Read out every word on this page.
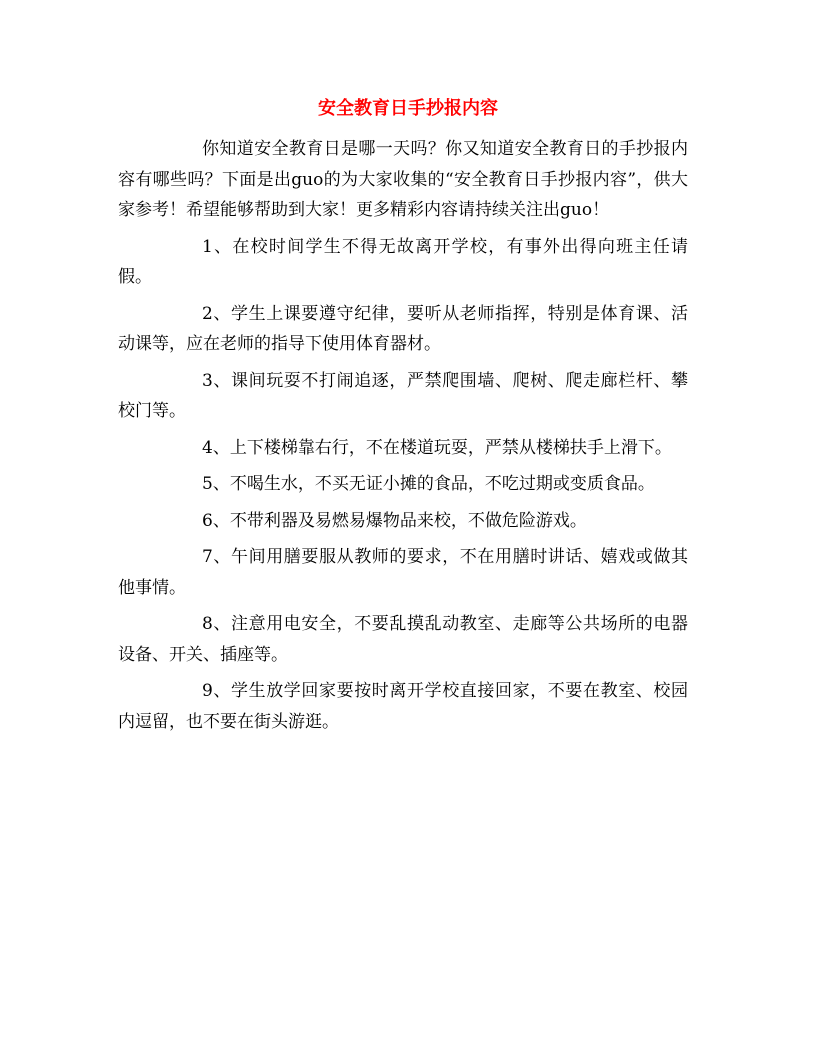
安全教育日手抄报内容

你知道安全教育日是哪一天吗？你又知道安全教育日的手抄报内容有哪些吗？下面是出guo的为大家收集的“安全教育日手抄报内容”，供大家参考！希望能够帮助到大家！更多精彩内容请持续关注出guo！

1、在校时间学生不得无故离开学校，有事外出得向班主任请假。

2、学生上课要遵守纪律，要听从老师指挥，特别是体育课、活动课等，应在老师的指导下使用体育器材。

3、课间玩耍不打闹追逐，严禁爬围墙、爬树、爬走廊栏杆、攀校门等。

4、上下楼梯靠右行，不在楼道玩耍，严禁从楼梯扶手上滑下。

5、不喝生水，不买无证小摊的食品，不吃过期或变质食品。

6、不带利器及易燃易爆物品来校，不做危险游戏。

7、午间用膳要服从教师的要求，不在用膳时讲话、嬉戏或做其他事情。

8、注意用电安全，不要乱摸乱动教室、走廊等公共场所的电器设备、开关、插座等。

9、学生放学回家要按时离开学校直接回家，不要在教室、校园内逗留，也不要在街头游逛。
